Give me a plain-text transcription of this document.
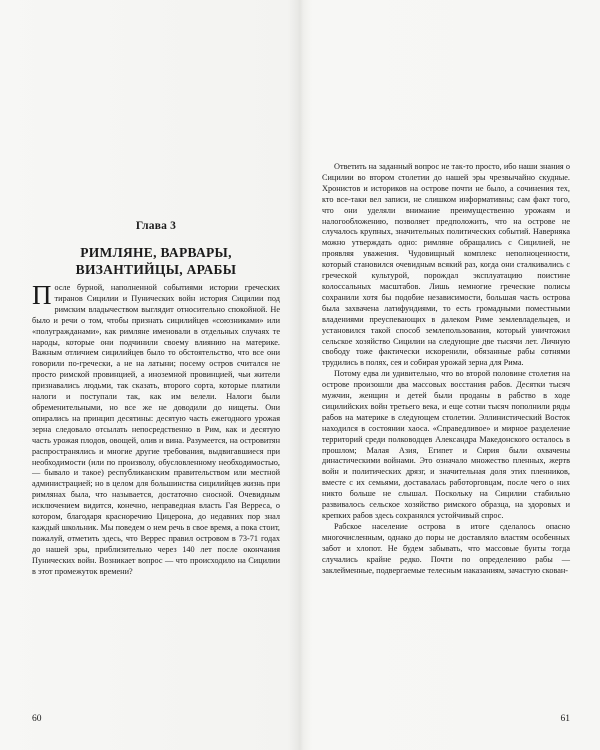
Глава 3
РИМЛЯНЕ, ВАРВАРЫ,
ВИЗАНТИЙЦЫ, АРАБЫ

После бурной, наполненной событиями истории греческих тиранов Сицилии и Пунических войн история Сицилии под римским владычеством выглядит относительно спокойной. Не было и речи о том, чтобы признать сицилийцев «союзниками» или «полугражданами», как римляне именовали в отдельных случаях те народы, которые они подчинили своему влиянию на материке. Важным отличием сицилийцев было то обстоятельство, что все они говорили по-гречески, а не на латыни; посему остров считался не просто римской провинцией, а иноземной провинцией, чьи жители признавались людьми, так сказать, второго сорта, которые платили налоги и поступали так, как им велели. Налоги были обременительными, но все же не доводили до нищеты. Они опирались на принцип десятины: десятую часть ежегодного урожая зерна следовало отсылать непосредственно в Рим, как и десятую часть урожая плодов, овощей, олив и вина. Разумеется, на островитян распространялись и многие другие требования, выдвигавшиеся при необходимости (или по произволу, обусловленному необходимостью, — бывало и такое) республиканским правительством или местной администрацией; но в целом для большинства сицилийцев жизнь при римлянах была, что называется, достаточно сносной. Очевидным исключением видится, конечно, неправедная власть Гая Верреса, о котором, благодаря красноречию Цицерона, до недавних пор знал каждый школьник. Мы поведем о нем речь в свое время, а пока стоит, пожалуй, отметить здесь, что Веррес правил островом в 73-71 годах до нашей эры, приблизительно через 140 лет после окончания Пунических войн. Возникает вопрос — что происходило на Сицилии в этот промежуток времени?

60

Ответить на заданный вопрос не так-то просто, ибо наши знания о Сицилии во втором столетии до нашей эры чрезвычайно скудные. Хронистов и историков на острове почти не было, а сочинения тех, кто все-таки вел записи, не слишком информативны; сам факт того, что они уделяли внимание преимущественно урожаям и налогообложению, позволяет предположить, что на острове не случалось крупных, значительных политических событий. Наверняка можно утверждать одно: римляне обращались с Сицилией, не проявляя уважения. Чудовищный комплекс неполноценности, который становился очевидным всякий раз, когда они сталкивались с греческой культурой, порождал эксплуатацию поистине колоссальных масштабов. Лишь немногие греческие полисы сохранили хотя бы подобие независимости, большая часть острова была захвачена латифундиями, то есть громадными поместными владениями преуспевающих в далеком Риме землевладельцев, и установился такой способ землепользования, который уничтожил сельское хозяйство Сицилии на следующие две тысячи лет. Личную свободу тоже фактически искоренили, обязанные рабы сотнями трудились в полях, сея и собирая урожай зерна для Рима.

Потому едва ли удивительно, что во второй половине столетия на острове произошли два массовых восстания рабов. Десятки тысяч мужчин, женщин и детей были проданы в рабство в ходе сицилийских войн третьего века, и еще сотни тысяч пополнили ряды рабов на материке в следующем столетии. Эллинистический Восток находился в состоянии хаоса. «Справедливое» и мирное разделение территорий среди полководцев Александра Македонского осталось в прошлом; Малая Азия, Египет и Сирия были охвачены династическими войнами. Это означало множество пленных, жертв войн и политических дрязг, и значительная доля этих пленников, вместе с их семьями, доставалась работорговцам, после чего о них никто больше не слышал. Поскольку на Сицилии стабильно развивалось сельское хозяйство римского образца, на здоровых и крепких рабов здесь сохранялся устойчивый спрос.

Рабское население острова в итоге сделалось опасно многочисленным, однако до поры не доставляло властям особенных забот и хлопот. Не будем забывать, что массовые бунты тогда случались крайне редко. Почти по определению рабы — заклейменные, подвергаемые телесным наказаниям, зачастую скован-

61
